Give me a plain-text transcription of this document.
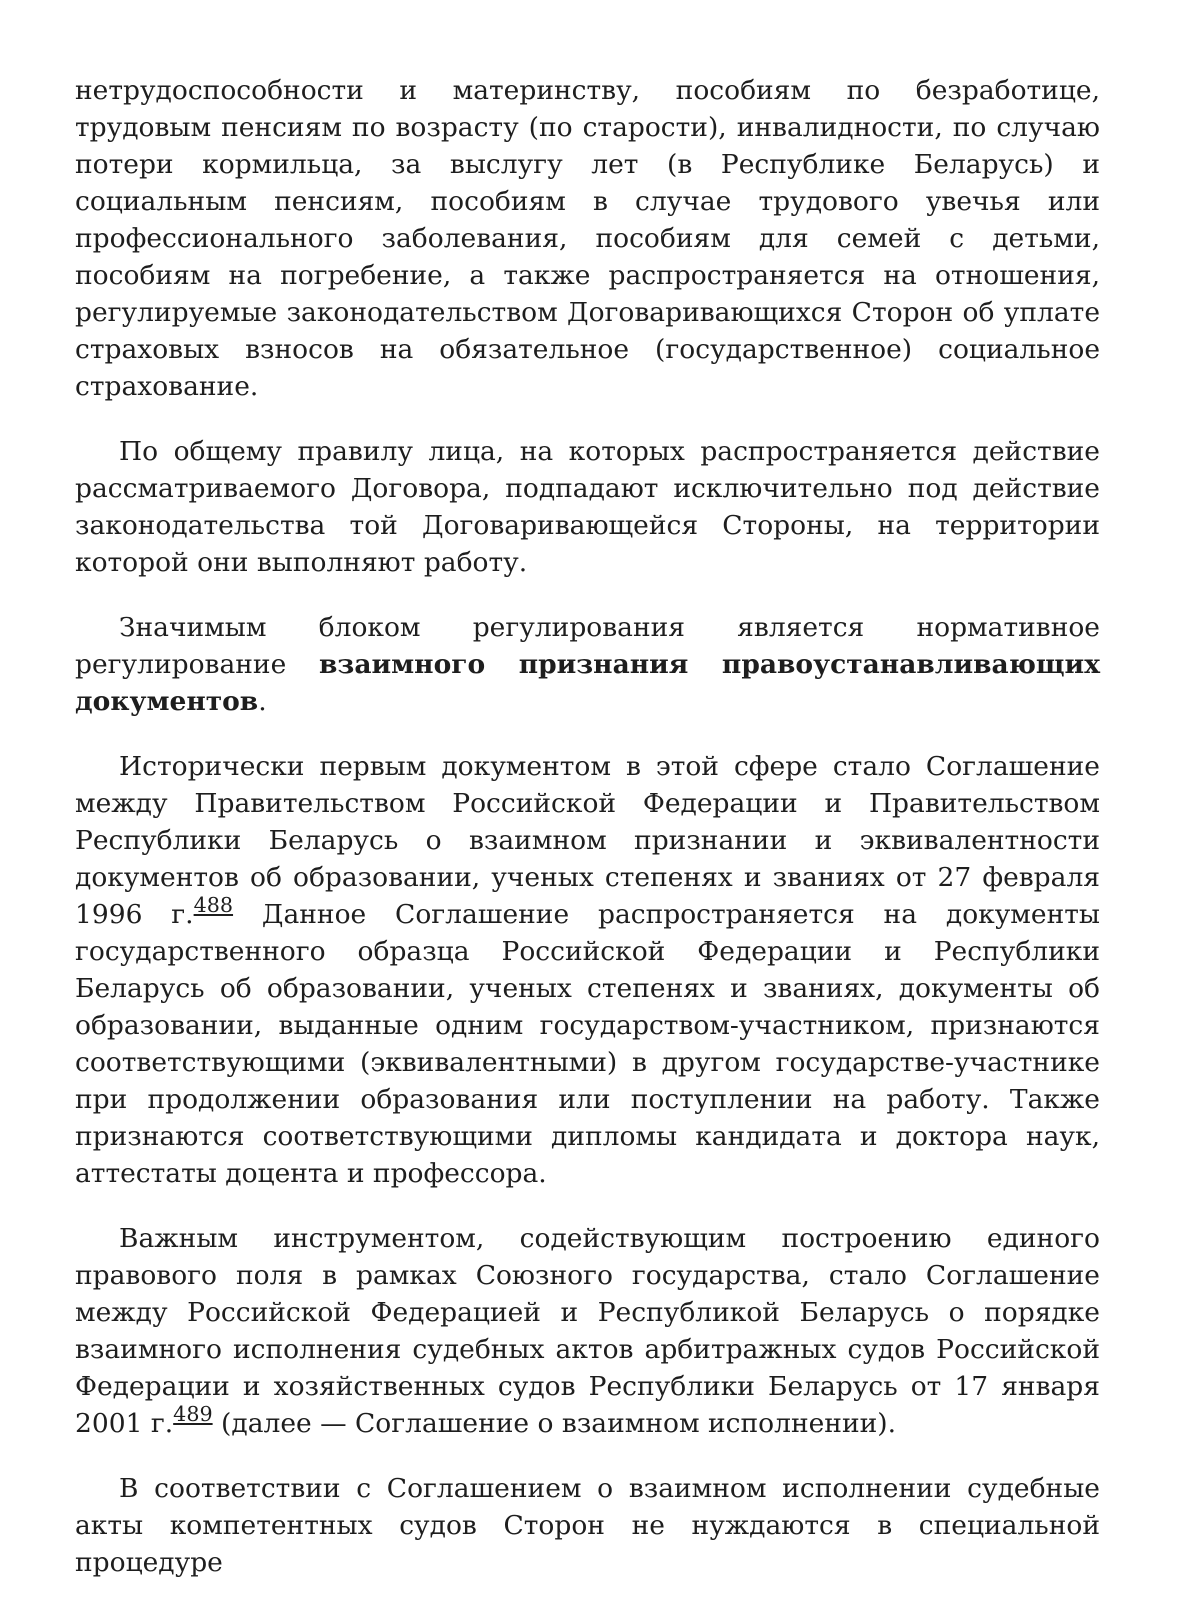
нетрудоспособности и материнству, пособиям по безработице, трудовым пенсиям по возрасту (по старости), инвалидности, по случаю потери кормильца, за выслугу лет (в Республике Беларусь) и социальным пенсиям, пособиям в случае трудового увечья или профессионального заболевания, пособиям для семей с детьми, пособиям на погребение, а также распространяется на отношения, регулируемые законодательством Договаривающихся Сторон об уплате страховых взносов на обязательное (государственное) социальное страхование.

По общему правилу лица, на которых распространяется действие рассматриваемого Договора, подпадают исключительно под действие законодательства той Договаривающейся Стороны, на территории которой они выполняют работу.

Значимым блоком регулирования является нормативное регулирование взаимного признания правоустанавливающих документов.

Исторически первым документом в этой сфере стало Соглашение между Правительством Российской Федерации и Правительством Республики Беларусь о взаимном признании и эквивалентности документов об образовании, ученых степенях и званиях от 27 февраля 1996 г.$^{488}$ Данное Соглашение распространяется на документы государственного образца Российской Федерации и Республики Беларусь об образовании, ученых степенях и званиях, документы об образовании, выданные одним государством-участником, признаются соответствующими (эквивалентными) в другом государстве-участнике при продолжении образования или поступлении на работу. Также признаются соответствующими дипломы кандидата и доктора наук, аттестаты доцента и профессора.

Важным инструментом, содействующим построению единого правового поля в рамках Союзного государства, стало Соглашение между Российской Федерацией и Республикой Беларусь о порядке взаимного исполнения судебных актов арбитражных судов Российской Федерации и хозяйственных судов Республики Беларусь от 17 января 2001 г.$^{489}$ (далее — Соглашение о взаимном исполнении).

В соответствии с Соглашением о взаимном исполнении судебные акты компетентных судов Сторон не нуждаются в специальной процедуре
